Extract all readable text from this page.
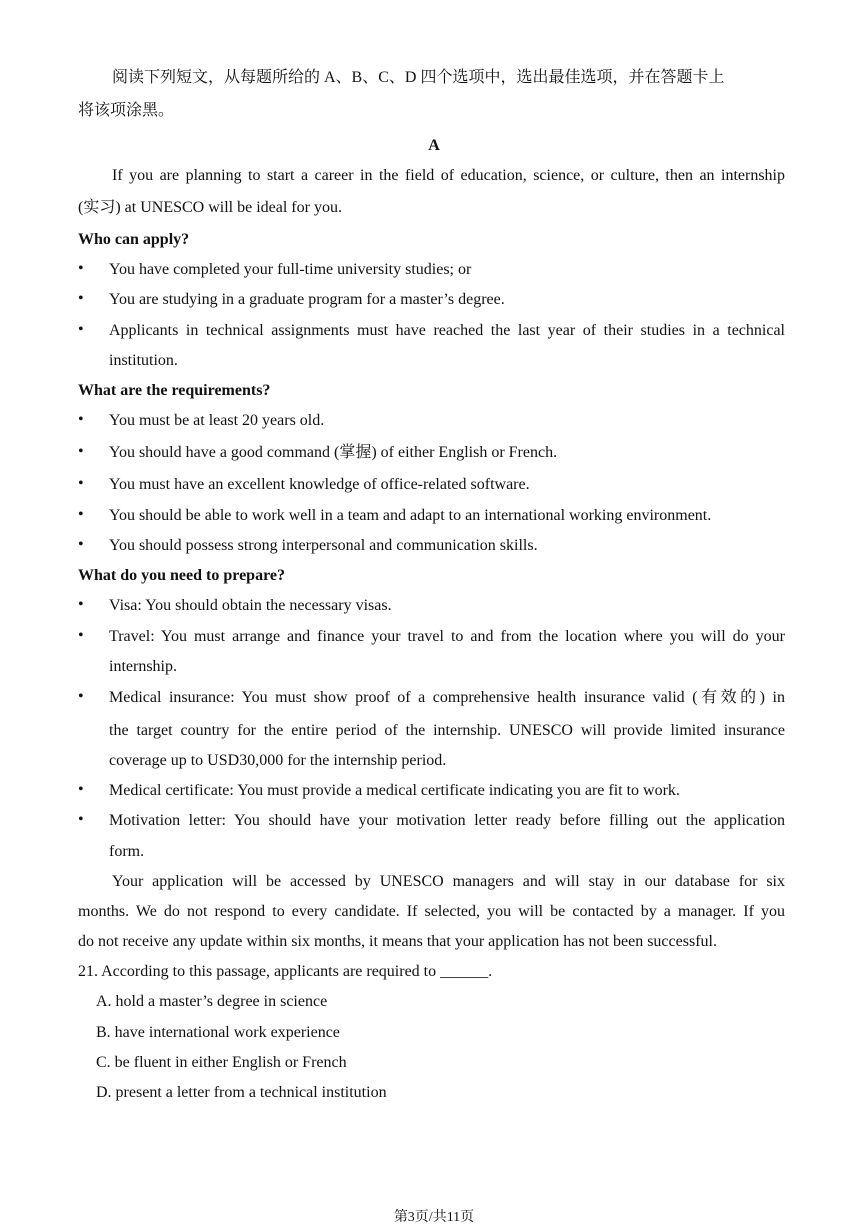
阅读下列短文，从每题所给的 A、B、C、D 四个选项中，选出最佳选项，并在答题卡上
将该项涂黑。
A
If you are planning to start a career in the field of education, science, or culture, then an internship
(实习) at UNESCO will be ideal for you.
Who can apply?
•	You have completed your full-time university studies; or
•	You are studying in a graduate program for a master’s degree.
•	Applicants in technical assignments must have reached the last year of their studies in a technical
institution.
What are the requirements?
•	You must be at least 20 years old.
•	You should have a good command (掌握) of either English or French.
•	You must have an excellent knowledge of office-related software.
•	You should be able to work well in a team and adapt to an international working environment.
•	You should possess strong interpersonal and communication skills.
What do you need to prepare?
•	Visa: You should obtain the necessary visas.
•	Travel: You must arrange and finance your travel to and from the location where you will do your
internship.
•	Medical insurance: You must show proof of a comprehensive health insurance valid (有效的) in
the target country for the entire period of the internship. UNESCO will provide limited insurance
coverage up to USD30,000 for the internship period.
•	Medical certificate: You must provide a medical certificate indicating you are fit to work.
•	Motivation letter: You should have your motivation letter ready before filling out the application
form.
Your application will be accessed by UNESCO managers and will stay in our database for six
months. We do not respond to every candidate. If selected, you will be contacted by a manager. If you
do not receive any update within six months, it means that your application has not been successful.
21. According to this passage, applicants are required to ______.
A. hold a master’s degree in science
B. have international work experience
C. be fluent in either English or French
D. present a letter from a technical institution
第3页/共11页
